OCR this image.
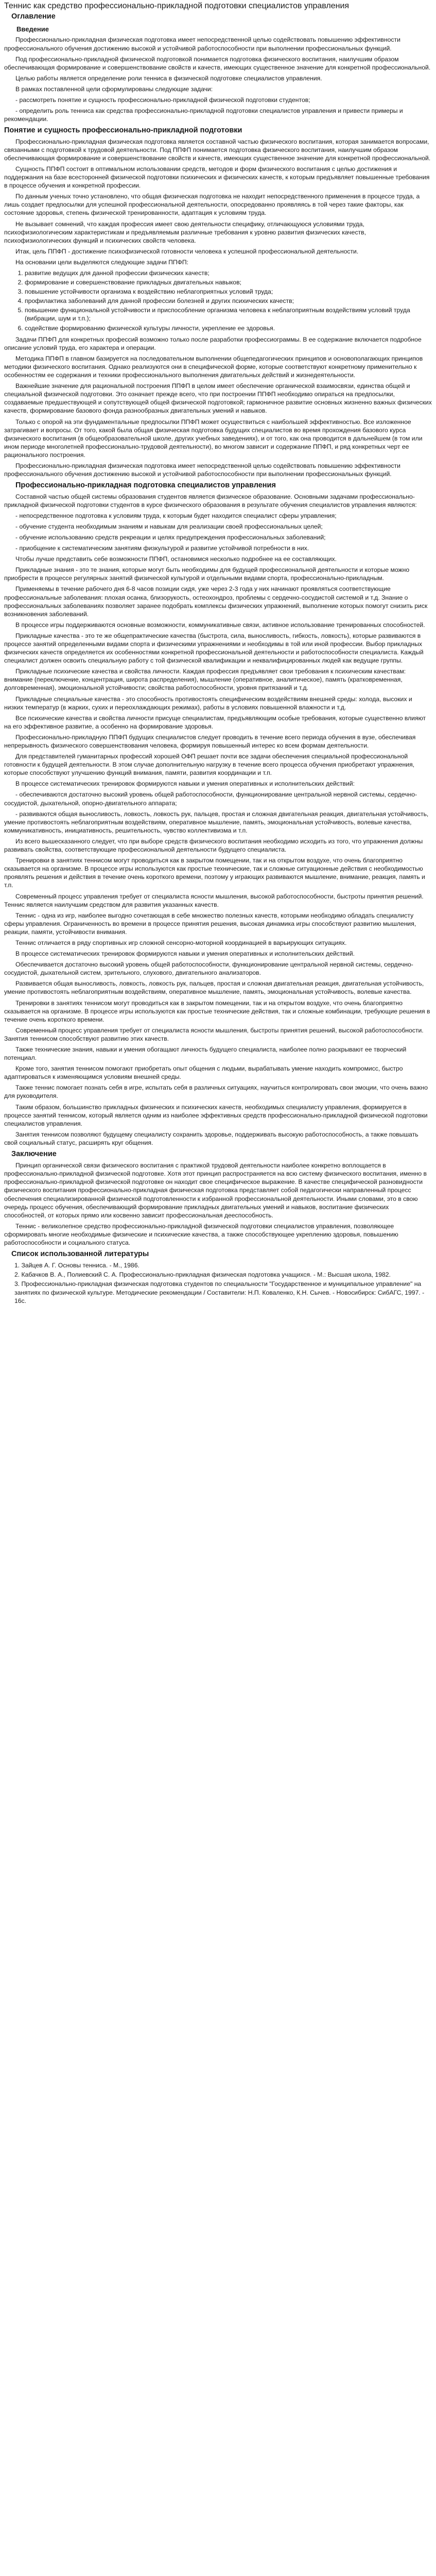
Теннис как средство профессионально-прикладной подготовки специалистов управления
Оглавление
Введение

Профессионально-прикладная физическая подготовка имеет непосредственной целью содействовать повышению эффективности профессионального обучения достижению высокой и устойчивой работоспособности при выполнении профессиональных функций.

Под профессионально-прикладной физической подготовкой понимается подготовка физического воспитания, наилучшим образом обеспечивающая формирование и совершенствование свойств и качеств, имеющих существенное значение для конкретной профессиональной.

Целью работы является определение роли тенниса в физической подготовке специалистов управления.

В рамках поставленной цели сформулированы следующие задачи:

- рассмотреть понятие и сущность профессионально-прикладной физической подготовки студентов;

- определить роль тенниса как средства профессионально-прикладной подготовки специалистов управления и привести примеры и рекомендации.

Понятие и сущность профессионально-прикладной подготовки

Профессионально-прикладная физическая подготовка является составной частью физического воспитания, которая занимается вопросами, связанными с подготовкой к трудовой деятельности. Под ППФП понимается подготовка физического воспитания, наилучшим образом обеспечивающая формирование и совершенствование свойств и качеств, имеющих существенное значение для конкретной профессиональной.

Сущность ППФП состоит в оптимальном использовании средств, методов и форм физического воспитания с целью достижения и поддержания на базе всесторонней физической подготовки психических и физических качеств, к которым предъявляет повышенные требования в процессе обучения и конкретной профессии.

По данным ученых точно установлено, что общая физическая подготовка не находит непосредственного применения в процессе труда, а лишь создает предпосылки для успешной профессиональной деятельности, опосредованно проявляясь в той через такие факторы, как состояние здоровья, степень физической тренированности, адаптация к условиям труда.

Не вызывает сомнений, что каждая профессия имеет свою деятельности специфику, отличающуюся условиями труда, психофизиологическим характеристикам и предъявляемым различные требования к уровню развития физических качеств, психофизиологических функций и психических свойств человека.

Итак, цель ППФП - достижение психофизической готовности человека к успешной профессиональной деятельности.

На основании цели выделяются следующие задачи ППФП:

1. развитие ведущих для данной профессии физических качеств;
2. формирование и совершенствование прикладных двигательных навыков;
3. повышение устойчивости организма к воздействию неблагоприятных условий труда;
4. профилактика заболеваний для данной профессии болезней и других психических качеств;
5. повышение функциональной устойчивости и приспособление организма человека к неблагоприятным воздействиям условий труда (вибрации, шум и т.п.);
6. содействие формированию физической культуры личности, укрепление ее здоровья.

Задачи ППФП для конкретных профессий возможно только после разработки профессиограммы. В ее содержание включается подробное описание условий труда, его характера и операции.

Методика ППФП в главном базируется на последовательном выполнении общепедагогических принципов и основополагающих принципов методики физического воспитания. Однако реализуются они в специфической форме, которые соответствуют конкретному применительно к особенностям ее содержания и техники профессионального выполнения двигательных действий и жизнедеятельности.

Важнейшие значение для рациональной построения ППФП в целом имеет обеспечение органической взаимосвязи, единства общей и специальной физической подготовки. Это означает прежде всего, что при построении ППФП необходимо опираться на предпосылки, создаваемые предшествующей и сопутствующей общей физической подготовкой; гармоничное развитие основных жизненно важных физических качеств, формирование базового фонда разнообразных двигательных умений и навыков.

Только с опорой на эти фундаментальные предпосылки ППФП может осуществиться с наибольшей эффективностью. Все изложенное затрагивает и вопросы. От того, какой была общая физическая подготовка будущих специалистов во время прохождения базового курса физического воспитания (в общеобразовательной школе, других учебных заведениях), и от того, как она проводится в дальнейшем (в том или ином периоде многолетней профессионально-трудовой деятельности), во многом зависит и содержание ППФП, и ряд конкретных черт ее рационального построения.

Профессионально-прикладная физическая подготовка имеет непосредственной целью содействовать повышению эффективности профессионального обучения достижению высокой и устойчивой работоспособности при выполнении профессиональных функций.

Профессионально-прикладная подготовка специалистов управления

Составной частью общей системы образования студентов является физическое образование. Основными задачами профессионально-прикладной физической подготовки студентов в курсе физического образования в результате обучения специалистов управления являются:

- непосредственное подготовка к условиям труда, к которым будет находится специалист сферы управления;

- обучение студента необходимым знаниям и навыкам для реализации своей профессиональных целей;

- обучение использованию средств рекреации и целях предупреждения профессиональных заболеваний;

- приобщение к систематическим занятиям физкультурой и развитие устойчивой потребности в них.

Чтобы лучше представить себе возможности ППФП, остановимся несколько подробнее на ее составляющих.

Прикладные знания - это те знания, которые могут быть необходимы для будущей профессиональной деятельности и которые можно приобрести в процессе регулярных занятий физической культурой и отдельными видами спорта, профессионально-прикладным.

Применяемы в течение рабочего дня 6-8 часов позиции сидя, уже через 2-3 года у них начинают проявляться соответствующие профессиональные заболевания: плохая осанка, близорукость, остеохондроз, проблемы с сердечно-сосудистой системой и т.д. Знание о профессиональных заболеваниях позволяет заранее подобрать комплексы физических упражнений, выполнение которых помогут снизить риск возникновения заболеваний.

В процессе игры поддерживаются основные возможности, коммуникативные связи, активное использование тренированных способностей.

Прикладные качества - это те же общепрактические качества (быстрота, сила, выносливость, гибкость, ловкость), которые развиваются в процессе занятий определенными видами спорта и физическими упражнениями и необходимы в той или иной профессии. Выбор прикладных физических качеств определяется их особенностями конкретной профессиональной деятельности и работоспособности специалиста. Каждый специалист должен освоить специальную работу с той физической квалификации и неквалифицированных людей как ведущие группы.

Прикладные психические качества и свойства личности. Каждая профессия предъявляет свои требования к психическим качествам: внимание (переключение, концентрация, широта распределения), мышление (оперативное, аналитическое), память (кратковременная, долговременная), эмоциональной устойчивости; свойства работоспособности, уровня притязаний и т.д.

Прикладные специальные качества - это способность противостоять специфическим воздействиям внешней среды: холода, высоких и низких температур (в жарких, сухих и переохлаждающих режимах), работы в условиях повышенной влажности и т.д.

Все психические качества и свойства личности присуще специалистам, предъявляющим особые требования, которые существенно влияют на его эффективное развитие, а особенно на формирование здоровья.

Профессионально-прикладную ППФП будущих специалистов следует проводить в течение всего периода обучения в вузе, обеспечивая непрерывность физического совершенствования человека, формируя повышенный интерес ко всем формам деятельности.

Для представителей гуманитарных профессий хорошей ОФП решает почти все задачи обеспечения специальной профессиональной готовности к будущей деятельности. В этом случае дополнительную нагрузку в течение всего процесса обучения приобретают упражнения, которые способствуют улучшению функций внимания, памяти, развития координации и т.п.

В процессе систематических тренировок формируются навыки и умения оперативных и исполнительских действий:

- обеспечиваются достаточно высокий уровень общей работоспособности, функционирование центральной нервной системы, сердечно-сосудистой, дыхательной, опорно-двигательного аппарата;

- развиваются общая выносливость, ловкость, ловкость рук, пальцев, простая и сложная двигательная реакция, двигательная устойчивость, умение противостоять неблагоприятным воздействиям, оперативное мышление, память, эмоциональная устойчивость, волевые качества, коммуникативность, инициативность, решительность, чувство коллективизма и т.п.

Из всего вышесказанного следует, что при выборе средств физического воспитания необходимо исходить из того, что упражнения должны развивать свойства, соответствующие профессиональной деятельности будущего специалиста.

Тренировки в занятиях теннисом могут проводиться как в закрытом помещении, так и на открытом воздухе, что очень благоприятно сказывается на организме. В процессе игры используются как простые технические, так и сложные ситуационные действия с необходимостью проявлять решения и действия в течение очень короткого времени, поэтому у играющих развиваются мышление, внимание, реакция, память и т.п.

Современный процесс управления требует от специалиста ясности мышления, высокой работоспособности, быстроты принятия решений. Теннис является наилучшим средством для развития указанных качеств.

Теннис - одна из игр, наиболее выгодно сочетающая в себе множество полезных качеств, которыми необходимо обладать специалисту сферы управления. Ограниченность во времени в процессе принятия решения, высокая динамика игры способствуют развитию мышления, реакции, памяти, устойчивости внимания.

Теннис отличается в ряду спортивных игр сложной сенсорно-моторной координацией в варьирующих ситуациях.

В процессе систематических тренировок формируются навыки и умения оперативных и исполнительских действий.

Обеспечивается достаточно высокий уровень общей работоспособности, функционирование центральной нервной системы, сердечно-сосудистой, дыхательной систем, зрительного, слухового, двигательного анализаторов.

Развивается общая выносливость, ловкость, ловкость рук, пальцев, простая и сложная двигательная реакция, двигательная устойчивость, умение противостоять неблагоприятным воздействиям, оперативное мышление, память, эмоциональная устойчивость, волевые качества.

Тренировки в занятиях теннисом могут проводиться как в закрытом помещении, так и на открытом воздухе, что очень благоприятно сказывается на организме. В процессе игры используются как простые технические действия, так и сложные комбинации, требующие решения в течение очень короткого времени.

Современный процесс управления требует от специалиста ясности мышления, быстроты принятия решений, высокой работоспособности. Занятия теннисом способствуют развитию этих качеств.

Также технические знания, навыки и умения обогащают личность будущего специалиста, наиболее полно раскрывают ее творческий потенциал.

Кроме того, занятия теннисом помогают приобретать опыт общения с людьми, вырабатывать умение находить компромисс, быстро адаптироваться к изменяющимся условиям внешней среды.

Также теннис помогает познать себя в игре, испытать себя в различных ситуациях, научиться контролировать свои эмоции, что очень важно для руководителя.

Таким образом, большинство прикладных физических и психических качеств, необходимых специалисту управления, формируется в процессе занятий теннисом, который является одним из наиболее эффективных средств профессионально-прикладной физической подготовки специалистов управления.

Занятия теннисом позволяют будущему специалисту сохранить здоровье, поддерживать высокую работоспособность, а также повышать свой социальный статус, расширять круг общения.

Заключение

Принцип органической связи физического воспитания с практикой трудовой деятельности наиболее конкретно воплощается в профессионально-прикладной физической подготовке. Хотя этот принцип распространяется на всю систему физического воспитания, именно в профессионально-прикладной физической подготовке он находит свое специфическое выражение. В качестве специфической разновидности физического воспитания профессионально-прикладная физическая подготовка представляет собой педагогически направленный процесс обеспечения специализированной физической подготовленности к избранной профессиональной деятельности. Иными словами, это в свою очередь процесс обучения, обеспечивающий формирование прикладных двигательных умений и навыков, воспитание физических способностей, от которых прямо или косвенно зависит профессиональная дееспособность.

Теннис - великолепное средство профессионально-прикладной физической подготовки специалистов управления, позволяющее сформировать многие необходимые физические и психические качества, а также способствующее укреплению здоровья, повышению работоспособности и социального статуса.

Список использованной литературы
1. Зайцев А. Г. Основы тенниса. - М., 1986.
2. Кабачков В. А., Полиевский С. А. Профессионально-прикладная физическая подготовка учащихся. - М.: Высшая школа, 1982.
3. Профессионально-прикладная физическая подготовка студентов по специальности "Государственное и муниципальное управление" на занятиях по физической культуре. Методические рекомендации / Составители: Н.П. Коваленко, К.Н. Сычев. - Новосибирск: СибАГС, 1997. - 16с.
